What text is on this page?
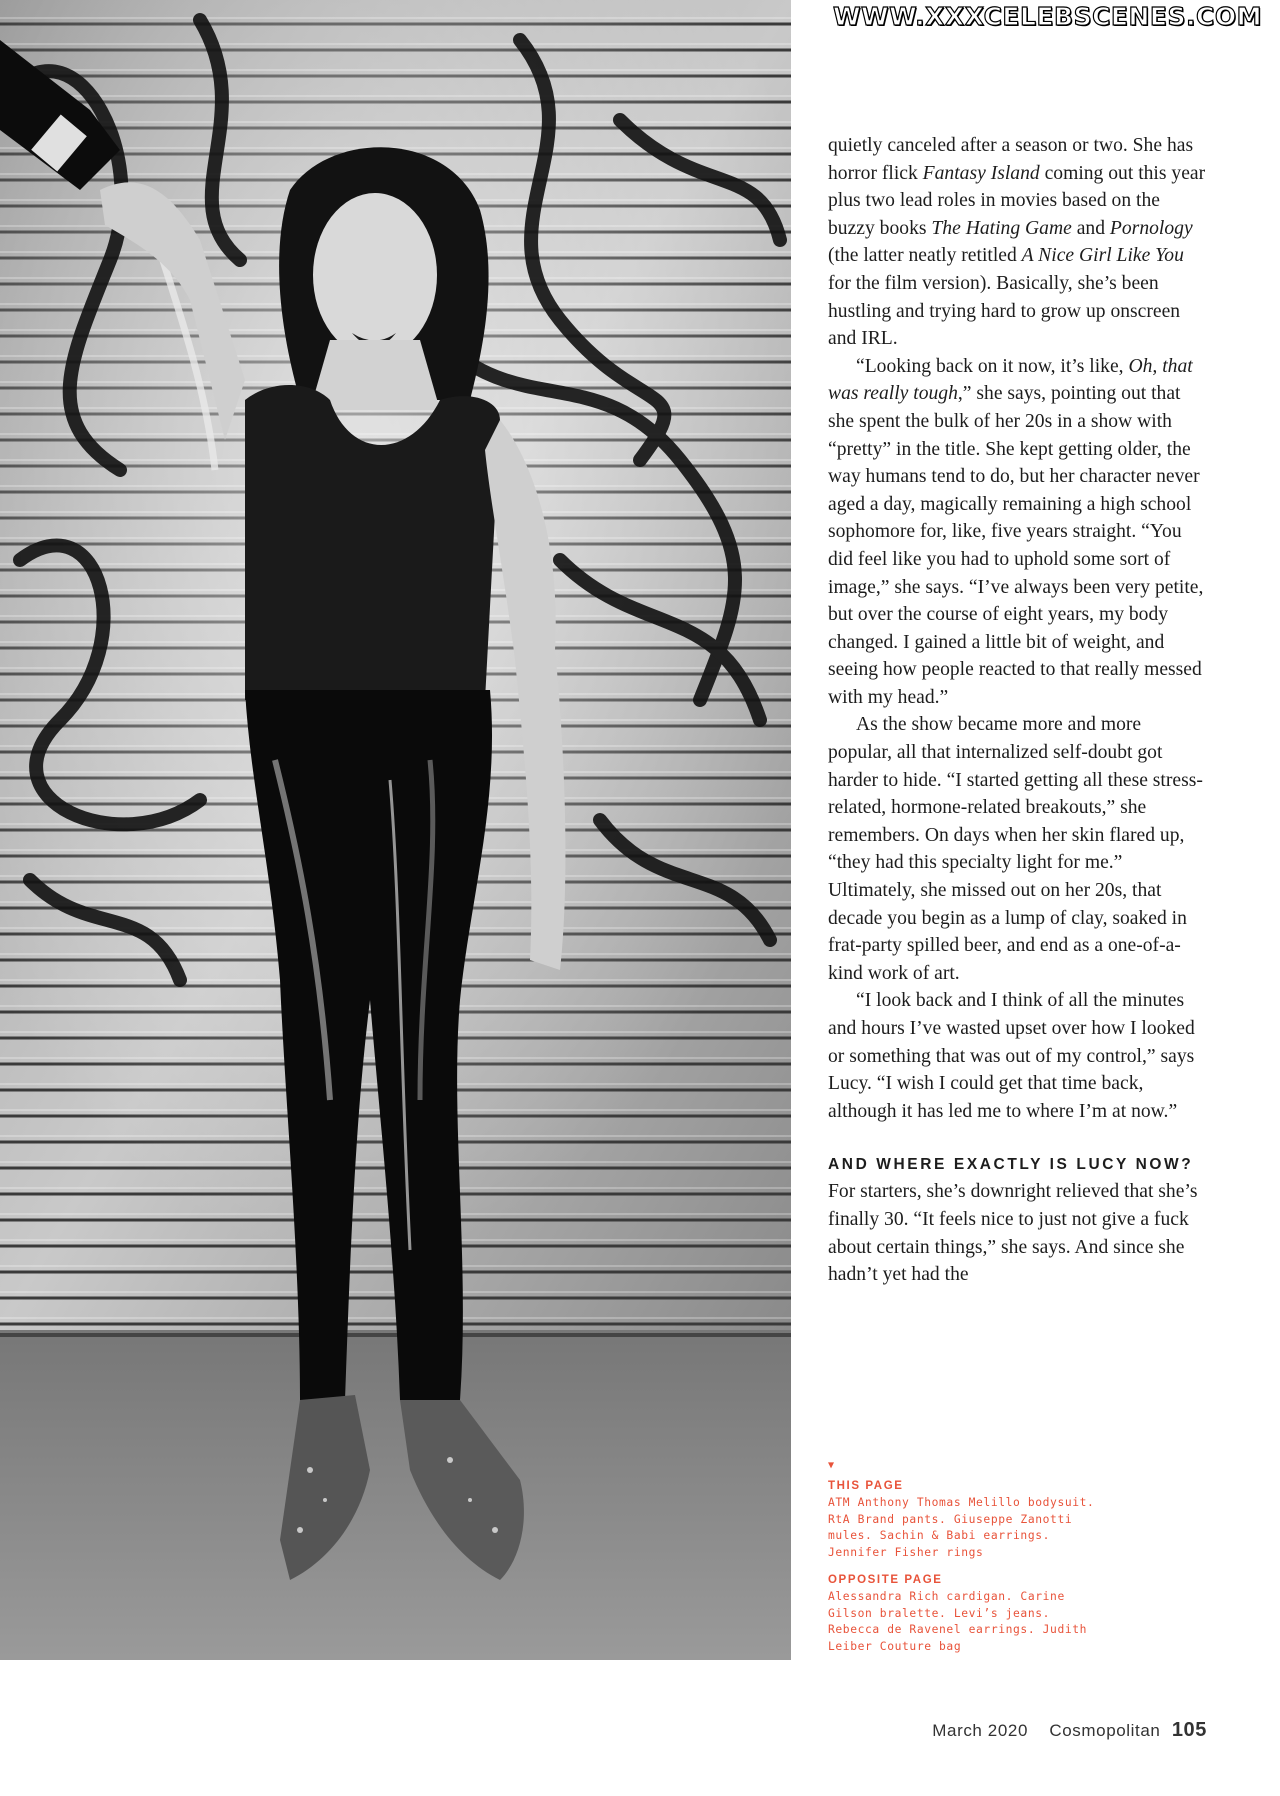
WWW.XXXCELEBSCENES.COM

quietly canceled after a season or two. She has horror flick Fantasy Island coming out this year plus two lead roles in movies based on the buzzy books The Hating Game and Pornology (the latter neatly retitled A Nice Girl Like You for the film version). Basically, she’s been hustling and trying hard to grow up onscreen and IRL.

“Looking back on it now, it’s like, Oh, that was really tough,” she says, pointing out that she spent the bulk of her 20s in a show with “pretty” in the title. She kept getting older, the way humans tend to do, but her character never aged a day, magically remaining a high school sophomore for, like, five years straight. “You did feel like you had to uphold some sort of image,” she says. “I’ve always been very petite, but over the course of eight years, my body changed. I gained a little bit of weight, and seeing how people reacted to that really messed with my head.”

As the show became more and more popular, all that internalized self-doubt got harder to hide. “I started getting all these stress-related, hormone-related breakouts,” she remembers. On days when her skin flared up, “they had this specialty light for me.” Ultimately, she missed out on her 20s, that decade you begin as a lump of clay, soaked in frat-party spilled beer, and end as a one-of-a-kind work of art.

“I look back and I think of all the minutes and hours I’ve wasted upset over how I looked or something that was out of my control,” says Lucy. “I wish I could get that time back, although it has led me to where I’m at now.”

AND WHERE EXACTLY IS LUCY NOW?

For starters, she’s downright relieved that she’s finally 30. “It feels nice to just not give a fuck about certain things,” she says. And since she hadn’t yet had the

▼
THIS PAGE
ATM Anthony Thomas Melillo bodysuit. RtA Brand pants. Giuseppe Zanotti mules. Sachin & Babi earrings. Jennifer Fisher rings
OPPOSITE PAGE
Alessandra Rich cardigan. Carine Gilson bralette. Levi’s jeans. Rebecca de Ravenel earrings. Judith Leiber Couture bag
March 2020 Cosmopolitan 105
